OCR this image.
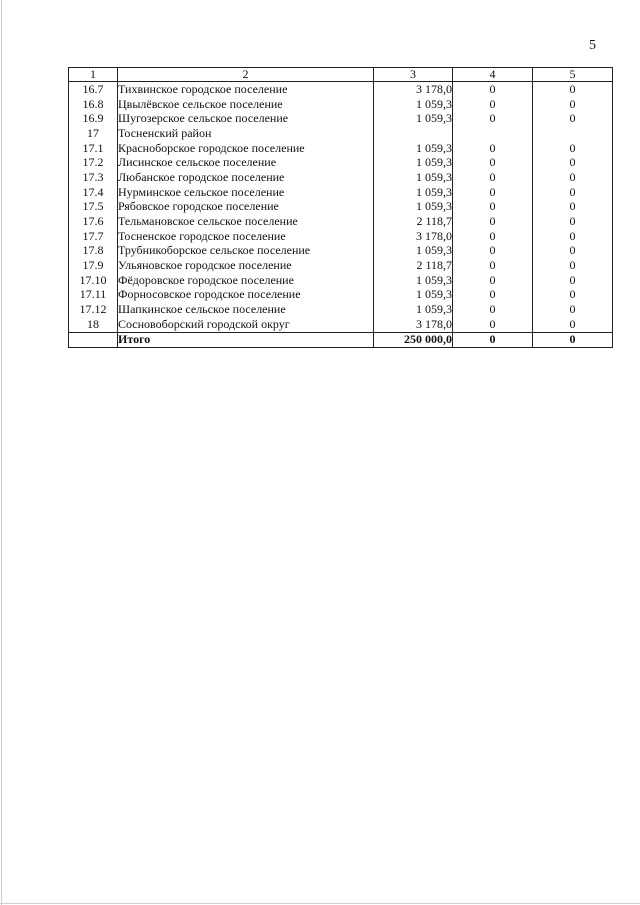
5
1	2	3	4	5
16.7	Тихвинское городское поселение	3 178,0	0	0
16.8	Цвылёвское сельское поселение	1 059,3	0	0
16.9	Шугозерское сельское поселение	1 059,3	0	0
17	Тосненский район			
17.1	Красноборское городское поселение	1 059,3	0	0
17.2	Лисинское сельское поселение	1 059,3	0	0
17.3	Любанское городское поселение	1 059,3	0	0
17.4	Нурминское сельское поселение	1 059,3	0	0
17.5	Рябовское городское поселение	1 059,3	0	0
17.6	Тельмановское сельское поселение	2 118,7	0	0
17.7	Тосненское городское поселение	3 178,0	0	0
17.8	Трубникоборское сельское поселение	1 059,3	0	0
17.9	Ульяновское городское поселение	2 118,7	0	0
17.10	Фёдоровское городское поселение	1 059,3	0	0
17.11	Форносовское городское поселение	1 059,3	0	0
17.12	Шапкинское сельское поселение	1 059,3	0	0
18	Сосновоборский городской округ	3 178,0	0	0
	Итого	250 000,0	0	0
